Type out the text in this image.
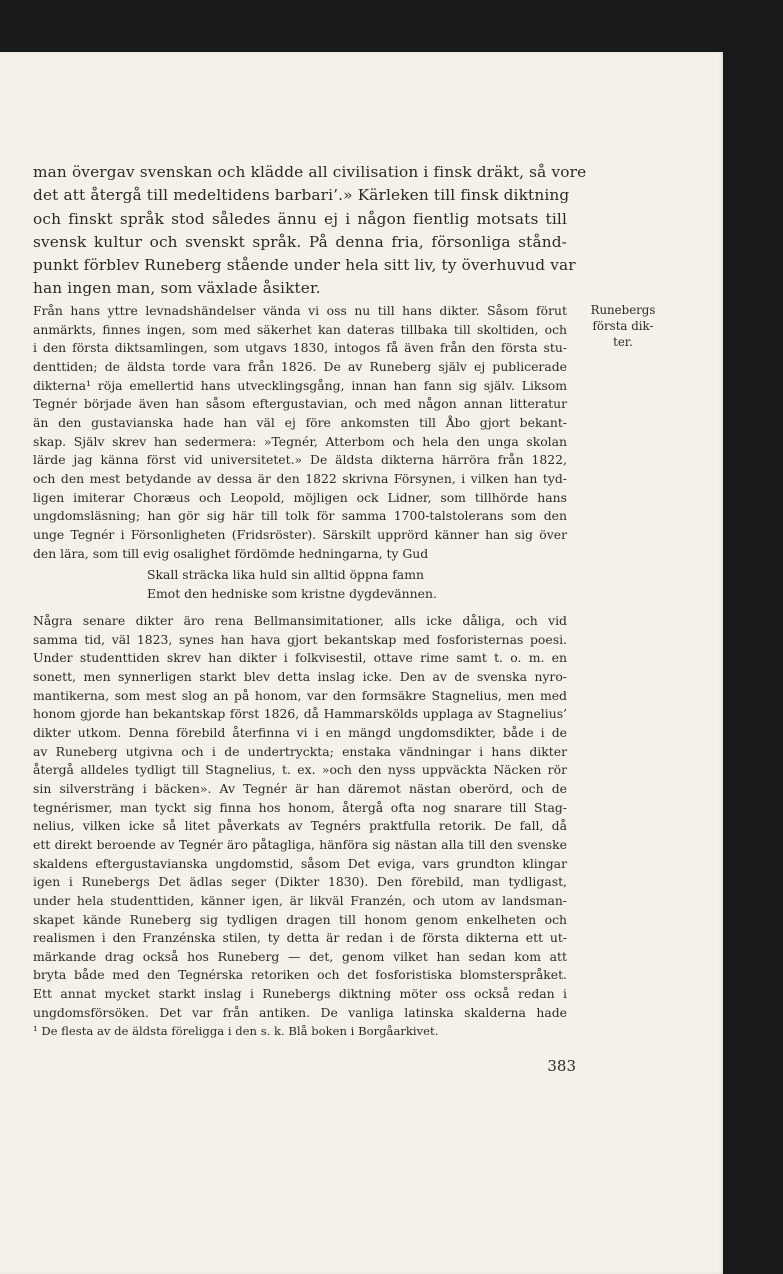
man övergav svenskan och klädde all civilisation i finsk dräkt, så vore
det att återgå till medeltidens barbari’.» Kärleken till finsk diktning
och finskt språk stod således ännu ej i någon fientlig motsats till
svensk kultur och svenskt språk. På denna fria, försonliga stånd-
punkt förblev Runeberg stående under hela sitt liv, ty överhuvud var
han ingen man, som växlade åsikter.
Runebergs
första dik-
ter.
Från hans yttre levnadshändelser vända vi oss nu till hans dikter. Såsom förut
anmärkts, finnes ingen, som med säkerhet kan dateras tillbaka till skoltiden, och
i den första diktsamlingen, som utgavs 1830, intogos få även från den första stu-
denttiden; de äldsta torde vara från 1826. De av Runeberg själv ej publicerade
dikterna¹ röja emellertid hans utvecklingsgång, innan han fann sig själv. Liksom
Tegnér började även han såsom eftergustavian, och med någon annan litteratur
än den gustavianska hade han väl ej före ankomsten till Åbo gjort bekant-
skap. Själv skrev han sedermera: »Tegnér, Atterbom och hela den unga skolan
lärde jag känna först vid universitetet.» De äldsta dikterna härröra från 1822,
och den mest betydande av dessa är den 1822 skrivna Försynen, i vilken han tyd-
ligen imiterar Choræus och Leopold, möjligen ock Lidner, som tillhörde hans
ungdomsläsning; han gör sig här till tolk för samma 1700-talstolerans som den
unge Tegnér i Försonligheten (Fridsröster). Särskilt upprörd känner han sig över
den lära, som till evig osalighet fördömde hedningarna, ty Gud
Skall sträcka lika huld sin alltid öppna famn
Emot den hedniske som kristne dygdevännen.
Några senare dikter äro rena Bellmansimitationer, alls icke dåliga, och vid
samma tid, väl 1823, synes han hava gjort bekantskap med fosforisternas poesi.
Under studenttiden skrev han dikter i folkvisestil, ottave rime samt t. o. m. en
sonett, men synnerligen starkt blev detta inslag icke. Den av de svenska nyro-
mantikerna, som mest slog an på honom, var den formsäkre Stagnelius, men med
honom gjorde han bekantskap först 1826, då Hammarskölds upplaga av Stagnelius’
dikter utkom. Denna förebild återfinna vi i en mängd ungdomsdikter, både i de
av Runeberg utgivna och i de undertryckta; enstaka vändningar i hans dikter
återgå alldeles tydligt till Stagnelius, t. ex. »och den nyss uppväckta Näcken rör
sin silversträng i bäcken». Av Tegnér är han däremot nästan oberörd, och de
tegnérismer, man tyckt sig finna hos honom, återgå ofta nog snarare till Stag-
nelius, vilken icke så litet påverkats av Tegnérs praktfulla retorik. De fall, då
ett direkt beroende av Tegnér äro påtagliga, hänföra sig nästan alla till den svenske
skaldens eftergustavianska ungdomstid, såsom Det eviga, vars grundton klingar
igen i Runebergs Det ädlas seger (Dikter 1830). Den förebild, man tydligast,
under hela studenttiden, känner igen, är likväl Franzén, och utom av landsman-
skapet kände Runeberg sig tydligen dragen till honom genom enkelheten och
realismen i den Franzénska stilen, ty detta är redan i de första dikterna ett ut-
märkande drag också hos Runeberg — det, genom vilket han sedan kom att
bryta både med den Tegnérska retoriken och det fosforistiska blomsterspråket.
Ett annat mycket starkt inslag i Runebergs diktning möter oss också redan i
ungdomsförsöken. Det var från antiken. De vanliga latinska skalderna hade
¹ De flesta av de äldsta föreligga i den s. k. Blå boken i Borgåarkivet.
383
